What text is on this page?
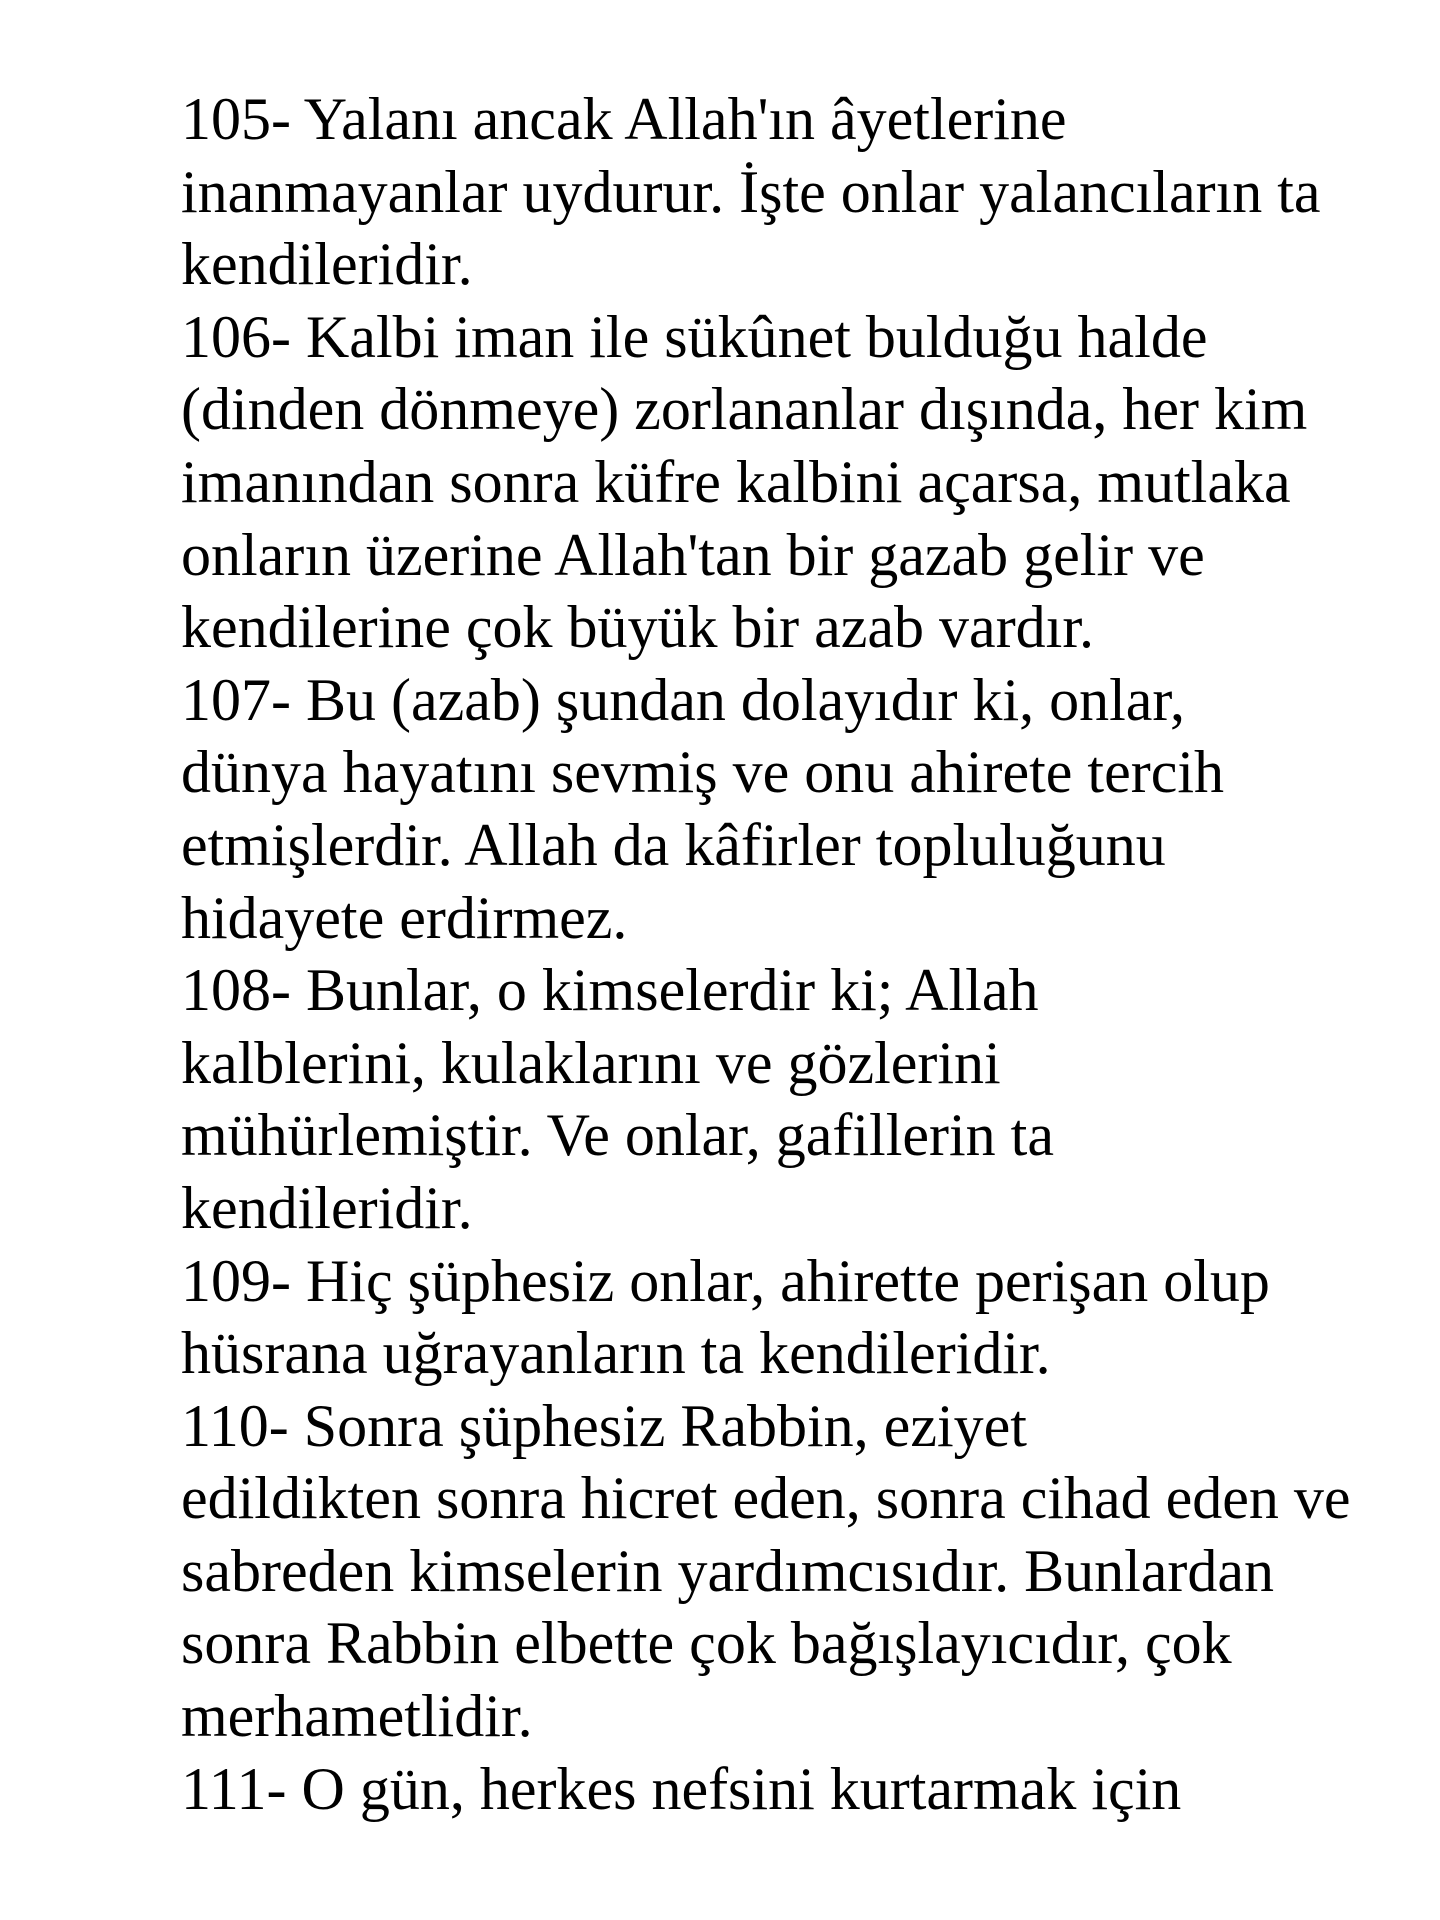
105- Yalanı ancak Allah'ın âyetlerine
inanmayanlar uydurur. İşte onlar yalancıların ta
kendileridir.

106- Kalbi iman ile sükûnet bulduğu halde
(dinden dönmeye) zorlananlar dışında, her kim
imanından sonra küfre kalbini açarsa, mutlaka
onların üzerine Allah'tan bir gazab gelir ve
kendilerine çok büyük bir azab vardır.

107- Bu (azab) şundan dolayıdır ki, onlar,
dünya hayatını sevmiş ve onu ahirete tercih
etmişlerdir. Allah da kâfirler topluluğunu
hidayete erdirmez.

108- Bunlar, o kimselerdir ki; Allah
kalblerini, kulaklarını ve gözlerini
mühürlemiştir. Ve onlar, gafillerin ta
kendileridir.

109- Hiç şüphesiz onlar, ahirette perişan olup
hüsrana uğrayanların ta kendileridir.

110- Sonra şüphesiz Rabbin, eziyet
edildikten sonra hicret eden, sonra cihad eden ve
sabreden kimselerin yardımcısıdır. Bunlardan
sonra Rabbin elbette çok bağışlayıcıdır, çok
merhametlidir.

111- O gün, herkes nefsini kurtarmak için
